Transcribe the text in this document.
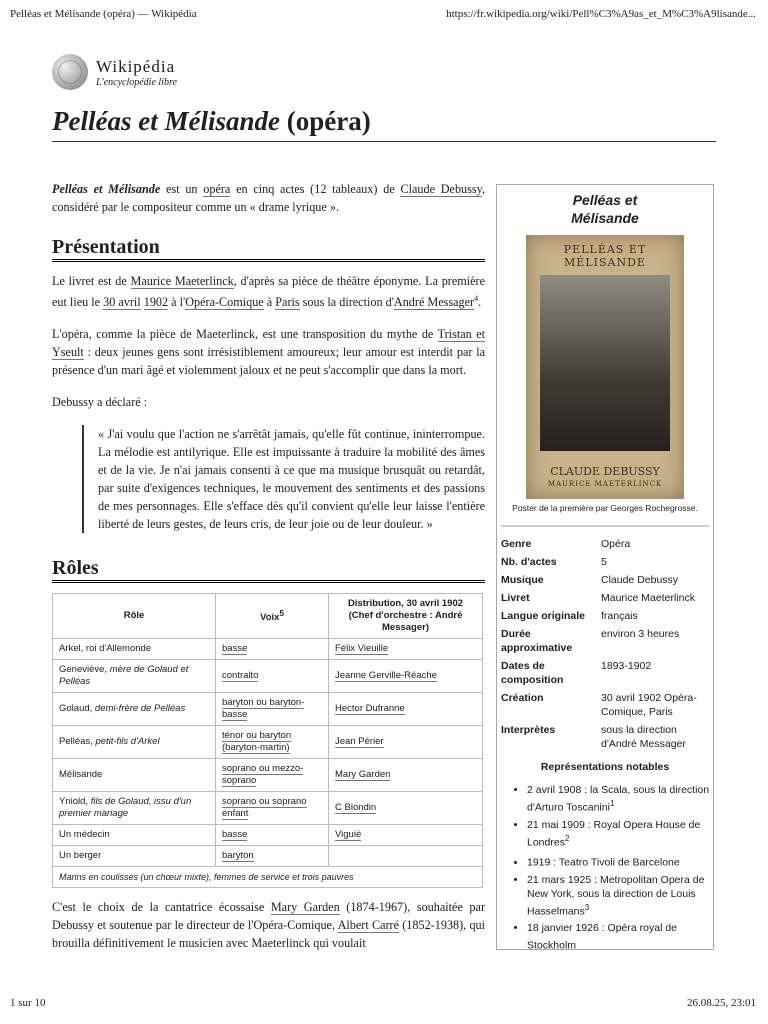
Pelléas et Mélisande (opéra) — Wikipédia	https://fr.wikipedia.org/wiki/Pell%C3%A9as_et_M%C3%A9lisande...
Wikipédia
L'encyclopédie libre
Pelléas et Mélisande (opéra)

Pelléas et Mélisande est un opéra en cinq actes (12 tableaux) de Claude Debussy, considéré par le compositeur comme un « drame lyrique ».

Présentation

Le livret est de Maurice Maeterlinck, d'après sa pièce de théâtre éponyme. La première eut lieu le 30 avril 1902 à l'Opéra-Comique à Paris sous la direction d'André Messager$^4$.

L'opéra, comme la pièce de Maeterlinck, est une transposition du mythe de Tristan et Yseult : deux jeunes gens sont irrésistiblement amoureux; leur amour est interdit par la présence d'un mari âgé et violemment jaloux et ne peut s'accomplir que dans la mort.

Debussy a déclaré :

« J'ai voulu que l'action ne s'arrêtât jamais, qu'elle fût continue, ininterrompue. La mélodie est antilyrique. Elle est impuissante à traduire la mobilité des âmes et de la vie. Je n'ai jamais consenti à ce que ma musique brusquât ou retardât, par suite d'exigences techniques, le mouvement des sentiments et des passions de mes personnages. Elle s'efface dès qu'il convient qu'elle leur laisse l'entière liberté de leurs gestes, de leurs cris, de leur joie ou de leur douleur. »
Rôles
Rôle	Voix$^5$	Distribution, 30 avril 1902 (Chef d'orchestre : André Messager)
Arkel, roi d'Allemonde	basse	Félix Vieuille
Geneviève, mère de Golaud et Pelléas	contralto	Jeanne Gerville-Réache
Golaud, demi-frère de Pelléas	baryton ou baryton-basse	Hector Dufranne
Pelléas, petit-fils d'Arkel	ténor ou baryton (baryton-martin)	Jean Périer
Mélisande	soprano ou mezzo-soprano	Mary Garden
Yniold, fils de Golaud, issu d'un premier mariage	soprano ou soprano enfant	C Blondin
Un médecin	basse	Viguié
Un berger	baryton	
Marins en coulisses (un chœur mixte), femmes de service et trois pauvres		

C'est le choix de la cantatrice écossaise Mary Garden (1874-1967), souhaitée par Debussy et soutenue par le directeur de l'Opéra-Comique, Albert Carré (1852-1938), qui brouilla définitivement le musicien avec Maeterlinck qui voulait

Pelléas et
Mélisande
PELLÉAS ET MÉLISANDE
CLAUDE DEBUSSY
MAURICE MAETERLINCK
Poster de la première par Georges Rochegrosse.
Genre	Opéra
Nb. d'actes	5
Musique	Claude Debussy
Livret	Maurice Maeterlinck
Langue originale	français
Durée approximative	environ 3 heures
Dates de composition	1893-1902
Création	30 avril 1902 Opéra-Comique, Paris
Interprètes	sous la direction d'André Messager
Représentations notables
• 2 avril 1908 : la Scala, sous la direction d'Arturo Toscanini$^1$
• 21 mai 1909 : Royal Opera House de Londres$^2$
• 1919 : Teatro Tivoli de Barcelone
• 21 mars 1925 : Metropolitan Opera de New York, sous la direction de Louis Hasselmans$^3$
• 18 janvier 1926 : Opéra royal de Stockholm
1 sur 10	26.08.25, 23:01
